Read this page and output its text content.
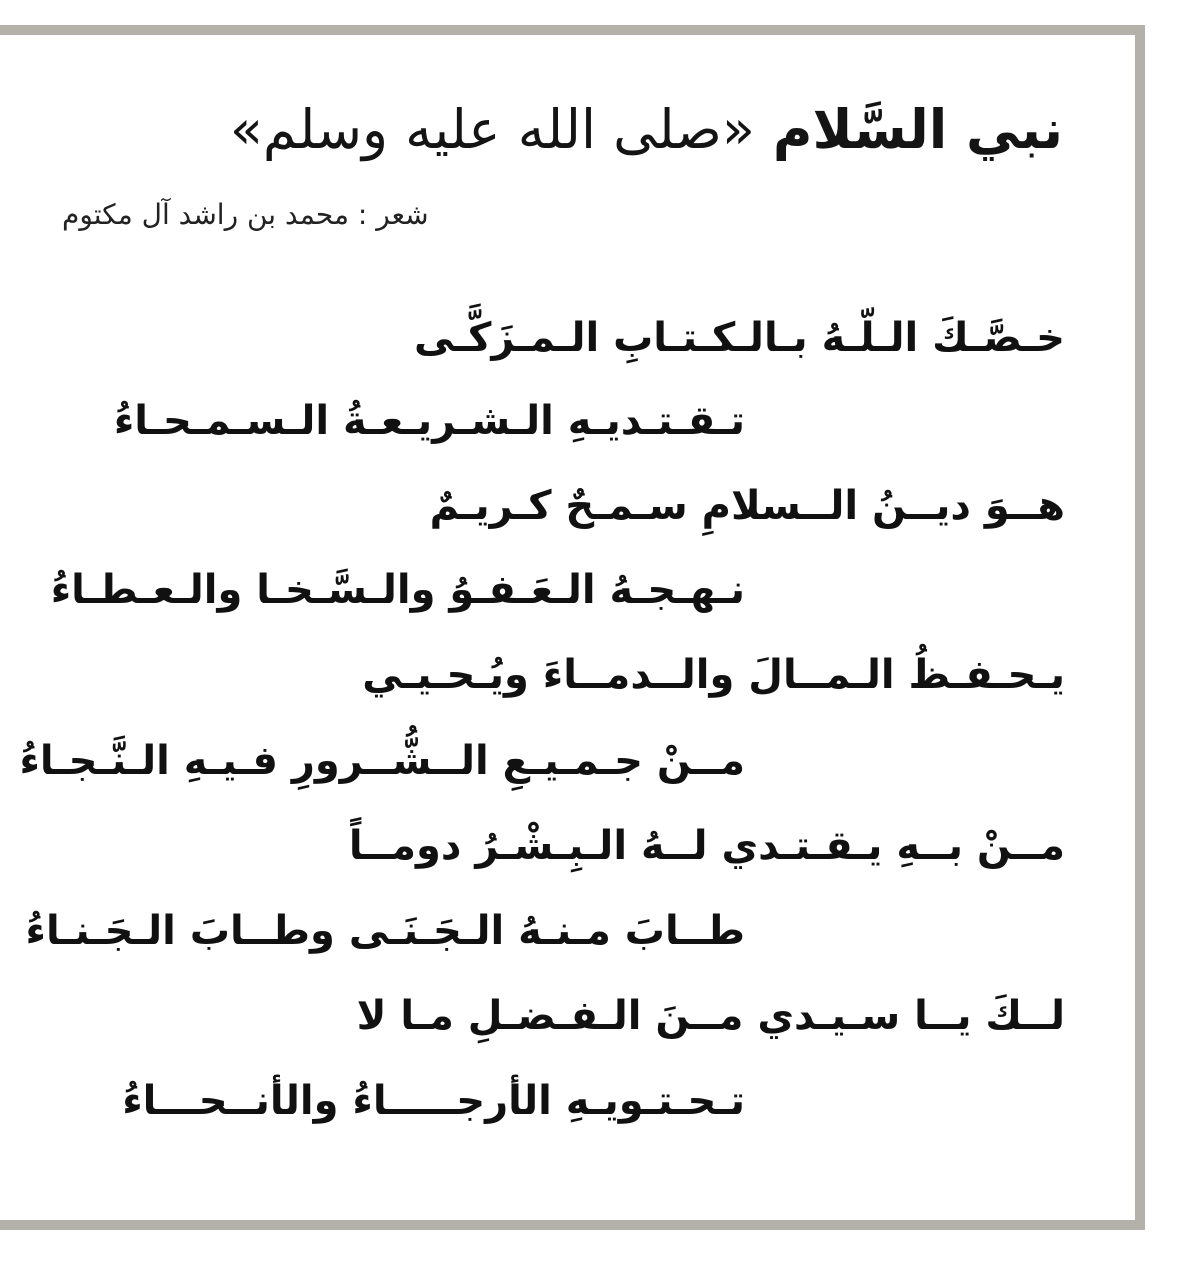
نبي السَّلام«صلى الله عليه وسلم»
شعر : محمد بن راشد آل مكتوم
خـصَّـكَ الـلّـهُ بـالـكـتـابِ الـمـزَكَّـى
تـقـتـديـهِ الـشـريـعـةُ الـسـمـحـاءُ
هــوَ ديــنُ الــسلامِ سـمـحٌ كـريـمٌ
نـهـجـهُ الـعَـفـوُ والـسَّـخـا والـعـطـاءُ
يـحـفـظُ الـمــالَ والــدمــاءَ ويُـحـيـي
مــنْ جـمـيـعِ الــشُّــرورِ فـيـهِ الـنَّـجـاءُ
مــنْ بــهِ يـقـتـدي لــهُ الـبِـشْـرُ دومــاً
طــابَ مـنـهُ الـجَـنَـى وطــابَ الـجَـنـاءُ
لــكَ يــا سـيـدي مــنَ الـفـضـلِ مـا لا
تـحـتـويـهِ الأرجـــــاءُ والأنــحـــاءُ
